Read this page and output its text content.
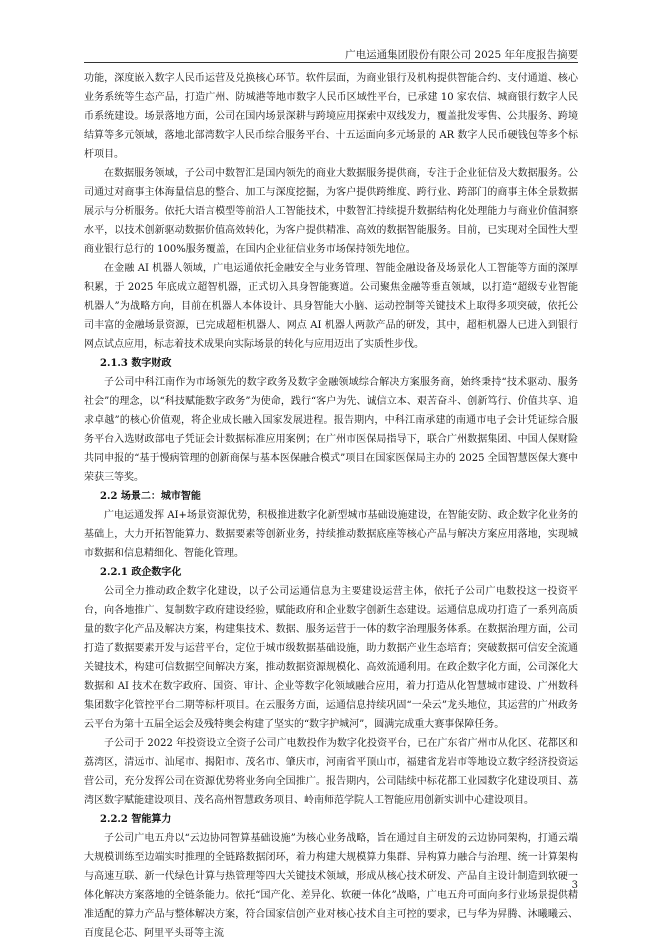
广电运通集团股份有限公司 2025 年年度报告摘要

功能，深度嵌入数字人民币运营及兑换核心环节。软件层面，为商业银行及机构提供智能合约、支付通道、核心业务系统等生态产品，打造广州、防城港等地市数字人民币区域性平台，已承建 10 家农信、城商银行数字人民币系统建设。场景落地方面，公司在国内场景深耕与跨境应用探索中双线发力，覆盖批发零售、公共服务、跨境结算等多元领域，落地北部湾数字人民币综合服务平台、十五运面向多元场景的 AR 数字人民币硬钱包等多个标杆项目。

在数据服务领域，子公司中数智汇是国内领先的商业大数据服务提供商，专注于企业征信及大数据服务。公司通过对商事主体海量信息的整合、加工与深度挖掘，为客户提供跨维度、跨行业、跨部门的商事主体全景数据展示与分析服务。依托大语言模型等前沿人工智能技术，中数智汇持续提升数据结构化处理能力与商业价值洞察水平，以技术创新驱动数据价值高效转化，为客户提供精准、高效的数据智能服务。目前，已实现对全国性大型商业银行总行的 100%服务覆盖，在国内企业征信业务市场保持领先地位。

在金融 AI 机器人领域，广电运通依托金融安全与业务管理、智能金融设备及场景化人工智能等方面的深厚积累，于 2025 年底成立超智机器，正式切入具身智能赛道。公司聚焦金融等垂直领域，以打造“超级专业智能机器人”为战略方向，目前在机器人本体设计、具身智能大小脑、运动控制等关键技术上取得多项突破，依托公司丰富的金融场景资源，已完成超柜机器人、网点 AI 机器人两款产品的研发，其中，超柜机器人已进入到银行网点试点应用，标志着技术成果向实际场景的转化与应用迈出了实质性步伐。

2.1.3 数字财政

子公司中科江南作为市场领先的数字政务及数字金融领域综合解决方案服务商，始终秉持“技术驱动、服务社会”的理念，以“科技赋能数字政务”为使命，践行“客户为先、诚信立本、艰苦奋斗、创新笃行、价值共享、追求卓越”的核心价值观，将企业成长融入国家发展进程。报告期内，中科江南承建的南通市电子会计凭证综合服务平台入选财政部电子凭证会计数据标准应用案例；在广州市医保局指导下，联合广州数据集团、中国人保财险共同申报的“基于慢病管理的创新商保与基本医保融合模式”项目在国家医保局主办的 2025 全国智慧医保大赛中荣获三等奖。

2.2 场景二：城市智能

广电运通发挥 AI+场景资源优势，积极推进数字化新型城市基础设施建设，在智能安防、政企数字化业务的基础上，大力开拓智能算力、数据要素等创新业务，持续推动数据底座等核心产品与解决方案应用落地，实现城市数据和信息精细化、智能化管理。

2.2.1 政企数字化

公司全力推动政企数字化建设，以子公司运通信息为主要建设运营主体，依托子公司广电数投这一投资平台，向各地推广、复制数字政府建设经验，赋能政府和企业数字创新生态建设。运通信息成功打造了一系列高质量的数字化产品及解决方案，构建集技术、数据、服务运营于一体的数字治理服务体系。在数据治理方面，公司打造了数据要素开发与运营平台，定位于城市级数据基础设施，助力数据产业生态培育；突破数据可信安全流通关键技术，构建可信数据空间解决方案，推动数据资源规模化、高效流通利用。在政企数字化方面，公司深化大数据和 AI 技术在数字政府、国资、审计、企业等数字化领域融合应用，着力打造从化智慧城市建设、广州数科集团数字化管控平台二期等标杆项目。在云服务方面，运通信息持续巩固“一朵云”龙头地位，其运营的广州政务云平台为第十五届全运会及残特奥会构建了坚实的“数字护城河”，圆满完成重大赛事保障任务。

子公司于 2022 年投资设立全资子公司广电数投作为数字化投资平台，已在广东省广州市从化区、花都区和荔湾区，清远市、汕尾市、揭阳市、茂名市、肇庆市，河南省平顶山市，福建省龙岩市等地设立数字经济投资运营公司，充分发挥公司在资源优势将业务向全国推广。报告期内，公司陆续中标花都工业园数字化建设项目、荔湾区数字赋能建设项目、茂名高州智慧政务项目、岭南师范学院人工智能应用创新实训中心建设项目。

2.2.2 智能算力

子公司广电五舟以“云边协同智算基础设施”为核心业务战略，旨在通过自主研发的云边协同架构，打通云端大规模训练至边端实时推理的全链路数据闭环，着力构建大规模算力集群、异构算力融合与治理、统一计算架构与高速互联、新一代绿色计算与热管理等四大关键技术领域，形成从核心技术研发、产品自主设计制造到软硬一体化解决方案落地的全链条能力。依托“国产化、差异化、软硬一体化”战略，广电五舟可面向多行业场景提供精准适配的算力产品与整体解决方案，符合国家信创产业对核心技术自主可控的要求，已与华为昇腾、沐曦曦云、百度昆仑芯、阿里平头哥等主流

3
